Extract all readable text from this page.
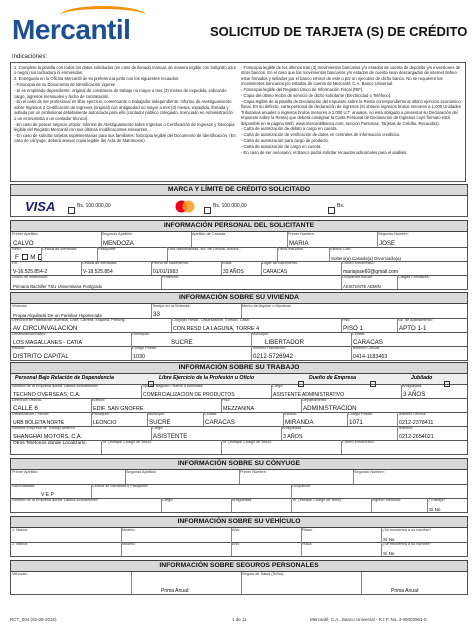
Mercantil	SOLICITUD DE TARJETA (S) DE CRÉDITO
Indicaciones:
1. Complete la planilla con todos los datos solicitados (en caso de llenado manual, de manera legible con bolígrafo azul o negro) sin tachadura ni enmiendas.
2. Entréguela en la Oficina Mercantil de su preferencia junto con los siguientes recaudos:
- Fotocopia de su Documento de Identificación vigente
- Si es empleado dependiente: original de constancia de trabajo no mayor a tres (3) meses de expedida, indicando cargo, ingresos mensuales y fecha de contratación.
- En el caso de ser profesional en libre ejercicio, comerciante o trabajador independiente: Informe de Atestiguamiento sobre Ingresos o Certificación de Ingresos (original) con antigüedad no mayor a tres (3) meses, expedida, firmada y sellada por un profesional debidamente autorizado para ello (contador público colegiado, licenciado en Administración o un economista o un contador técnico).
- En caso de poseer negocio propio: Informe de Atestiguamiento sobre Ingresos o Certificación de Ingresos y fotocopia legible del Registro Mercantil con sus últimas modificaciones relevantes.
- En caso de solicitar tarjetas suplementarias para sus familiares: fotocopia legible del Documento de Identificación. (En caso de cónyuge, deberá anexar copia legible del Acta de Matrimonio).
- Fotocopia legible de los últimos tres (3) movimientos bancarios y/o estados de cuenta de depósito y/o inversiones de otros bancos. En el caso que los movimientos bancarios y/o estados de cuenta sean descargados de internet deben estar firmados y sellados por el banco emisor de este o por un ejecutivo de dicho banco. No se requieren los movimientos bancarios y/o estados de cuenta de Mercantil, C.A. Banco Universal.
- Fotocopia legible del Registro Único de Información Fiscal (RIF).
- Copia del último recibo de servicio de dicho solicitante (Electricidad o Teléfono).
- Copia legible de la planilla de Declaración del Impuesto sobre la Renta correspondiente al último ejercicio económico fiscal. En su defecto, carta personal de declaración de ingresos (Si obtiene ingresos brutos menores a 1.000 Unidades Tributarias anuales o ingresos brutos menores a 1.000 U.T. anuales, no está obligado a presentar su Declaración del Impuesto sobre la Renta) que deberá consignar la Carta Personal de Declaración de Ingresos cuyo formato está disponible en la página Web: www.mercantilbanco.com, sección Personas, Tarjetas de Crédito, Recaudos).
- Carta de autorización de débito a cargo en cuenta.
- Carta de autorización de verificación de datos en centrales de información crediticia.
- Carta de autorización para cargo de producto.
- Carta de autorización de cargo en cuenta.
- En caso de ser necesario, el Banco podrá solicitar recaudos adicionales para el análisis.
MARCA Y LÍMITE DE CRÉDITO SOLICITADO
VISA	Bs. 100.000,00	Bs. 100.000,00	Bs.
INFORMACIÓN PERSONAL DEL SOLICITANTE
Primer Apellido:
CALVO
Segundo Apellido:
MENDOZA
Apellido de Casada:	Primer Nombre:
MARIA
Segundo Nombre:
JOSE
Sexo:
F  M
Cédula de Identidad:	Pasaporte:	Otra Nacionalidad, No. de Cédula, Autoriz.:	Otros estudios:	Estado Civil:
Soltero(a) Casado(a) Divorciado(a)
Rif:
V-16.525.854-2
Cédula de Identidad:
V-18.525.854
Fecha de Nacimiento:
01/01/1983
Edad:
33 AÑOS
Lugar de Nacimiento:
CARACAS
Correo Electrónico:
mariajose60@gmail.com
Grado de Instrucción:
Primaria Bachiller TSU Universitaria Postgrado
Profesión:	Ocupación Actual:
ASISTENTE ADMIN
Cargas Familiares:
INFORMACIÓN SOBRE SU VIVIENDA
Vivienda:
Propia Alquilada De un Familiar Hipotecada
Tiempo en la Vivienda:
33
Monto de Alquiler o Hipoteca:
Dirección de Habitación: Avenida, Calle, Carrera, Esquina, Porlong.:
AV CIRCUNVALACION
Conjunto Resid., Urbanización, Edificio, Casa:
CON.RESD LA LAGUNA, TORRE 4
Piso:
PISO 1
No. de Apartamento:
APTO 1-1
Urbanización/Barrio:
LOS MAGALLANES - CATIA
Parroquia:
SUCRE
Municipio:
LIBERTADOR
Ciudad:
CARACAS
Estado:
DISTRITO CAPITAL
Código Postal:
1030
Teléfono Habitación:
0212-5726942
Teléfono Celular:
0414-1183463
INFORMACIÓN SOBRE SU TRABAJO
Personal Bajo Relación de Dependencia	Libre Ejercicio de la Profesión u Oficio	Dueño de Empresa	Jubilado
Nombre de la Empresa donde Labora Actualmente:
TECHNO OVERSEAS, C.A.
Tipo de Negocio / Ramo o Actividad:
COMERCIALIZACION DE PRODUCTOS
Cargo:
ASISTENTE ADMINISTRATIVO
Antigüedad:
3 AÑOS
Dirección Oficina:
CALLE 6
Edificio:
EDIF. SAN GNOFRE
Piso:
MEZZANINA
Departamento:
ADMINISTRACION
Urbanización / Sector:
URB BOLEITA NORTE
Parroquia:
LEONCIO
Municipio:
SUCRE
Ciudad:
CARACAS
Estado:
MIRANDA
Código Postal:
1071
Teléfono Oficina:
0212-2378411
Nombre Empresa de Trabajo Anterior:
SHANGHAI MOTORS, C.A.
Cargo:
ASISTENTE
Antigüedad:
3 AÑOS
Teléfono:
0212-2654021
Otros Teléfonos donde Localizarlo:	Tlf. (Indique Código de Área):	Tlf. (Indique Código de Área):	Correo Electrónico:
INFORMACIÓN SOBRE SU CÓNYUGE
Primer Apellido:	Segundo Apellido:	Primer Nombre:	Segundo Nombre:
Nacionalidad:
V E P
Cédula de Identidad o Pasaporte:	Ocupación:
Nombre de la Empresa donde Labora Actualmente:	Cargo:	Antigüedad:	Tlf. (Indique Código de Área):	Ingreso Mensual:	¿Trabaja?
Sí No
INFORMACIÓN SOBRE SU VEHÍCULO
1. Marca:	Modelo:	Año:	Placa:	¿Se encuentra a su nombre?
Sí No
2. Marca:	Modelo:	Año:	Placa:	¿Se encuentra a su nombre?
Sí No
INFORMACIÓN SOBRE SEGUROS PERSONALES
Vehículo:
Prima Anual:
Seguro de Salud (Sí/No):
Prima Anual:
RCT_004 (02-08-2016)	1 de 11	Mercantil, C.A., Banco Universal - R.I.F. No. J-00002961-0
